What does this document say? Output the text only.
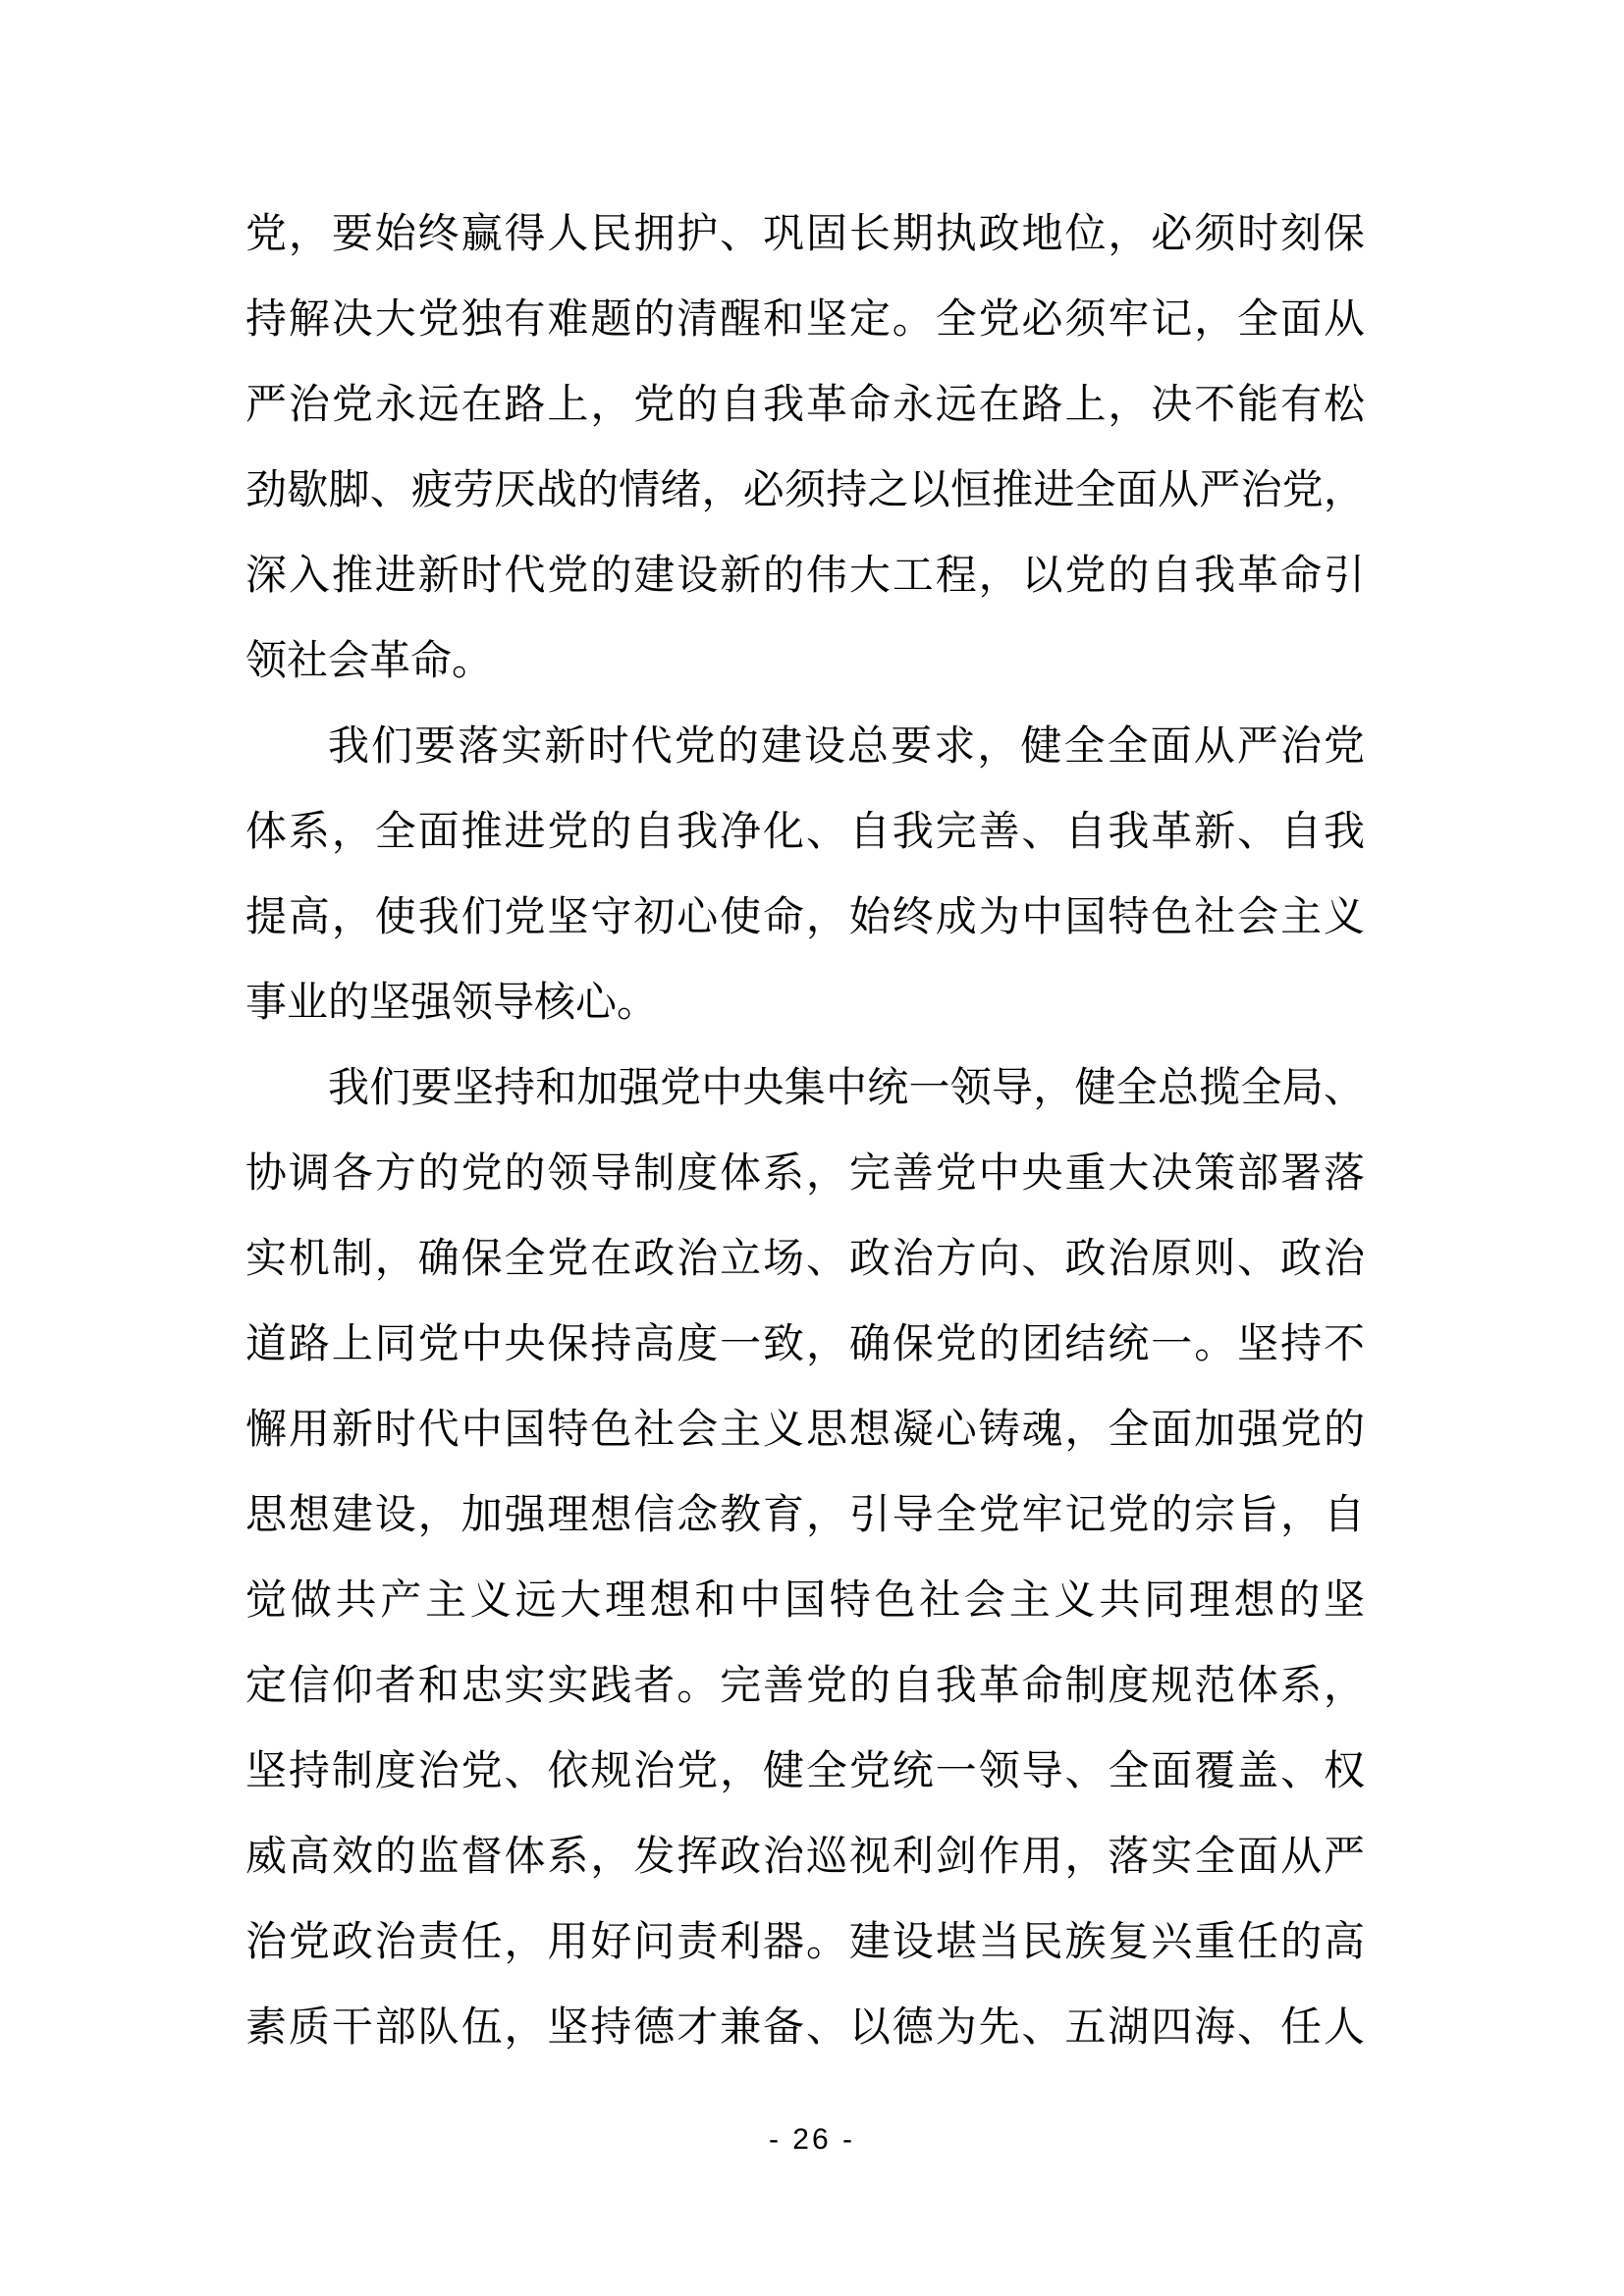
党，要始终赢得人民拥护、巩固长期执政地位，必须时刻保
持解决大党独有难题的清醒和坚定。全党必须牢记，全面从
严治党永远在路上，党的自我革命永远在路上，决不能有松
劲歇脚、疲劳厌战的情绪，必须持之以恒推进全面从严治党，
深入推进新时代党的建设新的伟大工程，以党的自我革命引
领社会革命。
我们要落实新时代党的建设总要求，健全全面从严治党
体系，全面推进党的自我净化、自我完善、自我革新、自我
提高，使我们党坚守初心使命，始终成为中国特色社会主义
事业的坚强领导核心。
我们要坚持和加强党中央集中统一领导，健全总揽全局、
协调各方的党的领导制度体系，完善党中央重大决策部署落
实机制，确保全党在政治立场、政治方向、政治原则、政治
道路上同党中央保持高度一致，确保党的团结统一。坚持不
懈用新时代中国特色社会主义思想凝心铸魂，全面加强党的
思想建设，加强理想信念教育，引导全党牢记党的宗旨，自
觉做共产主义远大理想和中国特色社会主义共同理想的坚
定信仰者和忠实实践者。完善党的自我革命制度规范体系，
坚持制度治党、依规治党，健全党统一领导、全面覆盖、权
威高效的监督体系，发挥政治巡视利剑作用，落实全面从严
治党政治责任，用好问责利器。建设堪当民族复兴重任的高
素质干部队伍，坚持德才兼备、以德为先、五湖四海、任人
- 26 -
